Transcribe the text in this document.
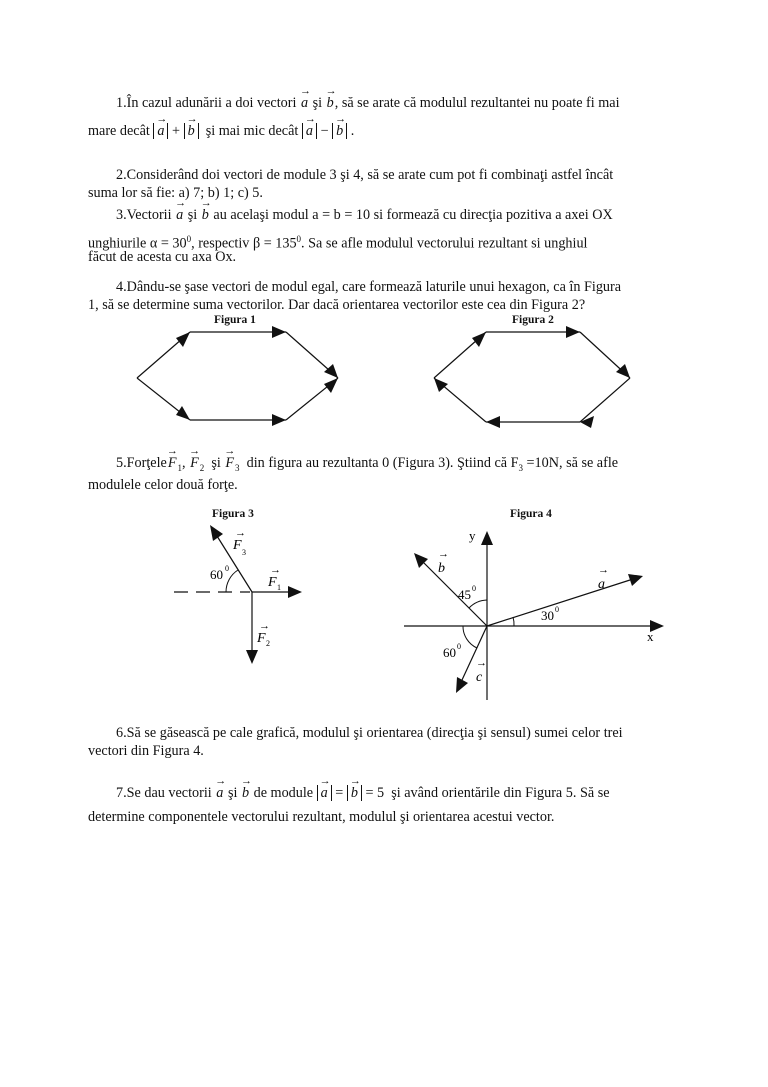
1.În cazul adunării a doi vectori → a şi → b, să se arate că modulul rezultantei nu poate fi mai
mare decât → a + → b şi mai mic decât → a − → b .
2.Considerând doi vectori de module 3 şi 4, să se arate cum pot fi combinaţi astfel încât
suma lor să fie: a) 7; b) 1; c) 5.
3.Vectorii → a şi → b au acelaşi modul a = b = 10 si formează cu direcţia pozitiva a axei OX
unghiurile $\alpha = 30^0$, respectiv $\beta = 135^0$. Sa se afle modulul vectorului rezultant si unghiul
făcut de acesta cu axa Ox.
4.Dându-se şase vectori de modul egal, care formează laturile unui hexagon, ca în Figura
1, să se determine suma vectorilor. Dar dacă orientarea vectorilor este cea din Figura 2?
Figura 1	Figura 2
F 3
→
F 1
→
F 2
→
60 0
y
x
a
→
b
→
c
→
45 0
30 0
60 0
5.Forţele→ $F_1$, → $F_2$ şi → $F_3$ din figura au rezultanta 0 (Figura 3). Ştiind că $F_3 =10N$, să se afle
modulele celor două forţe.
Figura 3	Figura 4
6.Să se găsească pe cale grafică, modulul şi orientarea (direcţia şi sensul) sumei celor trei
vectori din Figura 4.
7.Se dau vectorii → a şi → b de module → a = → b = 5 şi având orientările din Figura 5. Să se
determine componentele vectorului rezultant, modulul şi orientarea acestui vector.
